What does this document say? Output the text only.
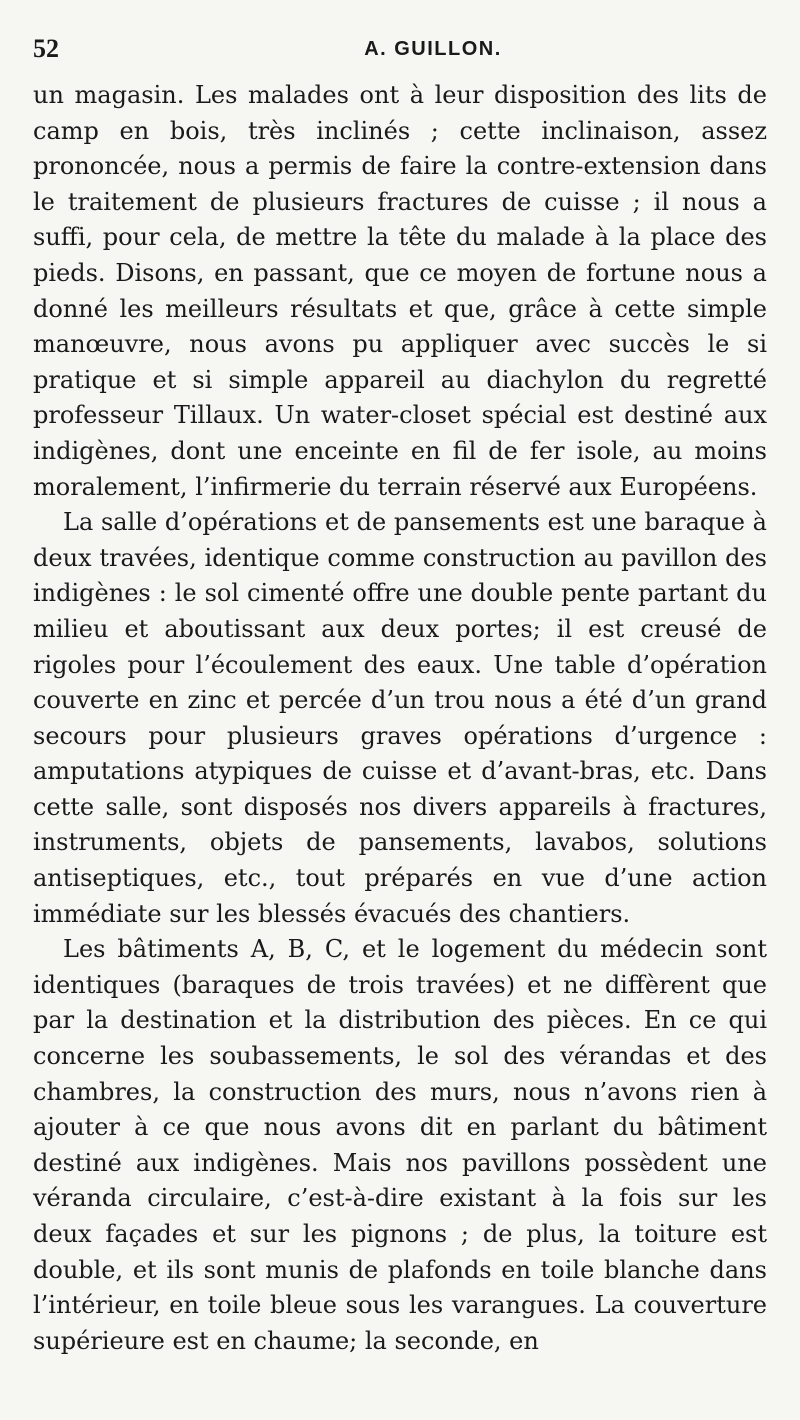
52	A. GUILLON.

un magasin. Les malades ont à leur disposition des lits de camp en bois, très inclinés ; cette inclinaison, assez prononcée, nous a permis de faire la contre-extension dans le traitement de plusieurs fractures de cuisse ; il nous a suffi, pour cela, de mettre la tête du malade à la place des pieds. Disons, en passant, que ce moyen de fortune nous a donné les meilleurs résultats et que, grâce à cette simple manœuvre, nous avons pu appliquer avec succès le si pratique et si simple appareil au diachylon du regretté professeur Tillaux. Un water-closet spécial est destiné aux indigènes, dont une enceinte en fil de fer isole, au moins moralement, l’infirmerie du terrain réservé aux Européens.

La salle d’opérations et de pansements est une baraque à deux travées, identique comme construction au pavillon des indigènes : le sol cimenté offre une double pente partant du milieu et aboutissant aux deux portes; il est creusé de rigoles pour l’écoulement des eaux. Une table d’opération couverte en zinc et percée d’un trou nous a été d’un grand secours pour plusieurs graves opérations d’urgence : amputations atypiques de cuisse et d’avant-bras, etc. Dans cette salle, sont disposés nos divers appareils à fractures, instruments, objets de pansements, lavabos, solutions antiseptiques, etc., tout préparés en vue d’une action immédiate sur les blessés évacués des chantiers.

Les bâtiments A, B, C, et le logement du médecin sont identiques (baraques de trois travées) et ne diffèrent que par la destination et la distribution des pièces. En ce qui concerne les soubassements, le sol des vérandas et des chambres, la construction des murs, nous n’avons rien à ajouter à ce que nous avons dit en parlant du bâtiment destiné aux indigènes. Mais nos pavillons possèdent une véranda circulaire, c’est-à-dire existant à la fois sur les deux façades et sur les pignons ; de plus, la toiture est double, et ils sont munis de plafonds en toile blanche dans l’intérieur, en toile bleue sous les varangues. La couverture supérieure est en chaume; la seconde, en
